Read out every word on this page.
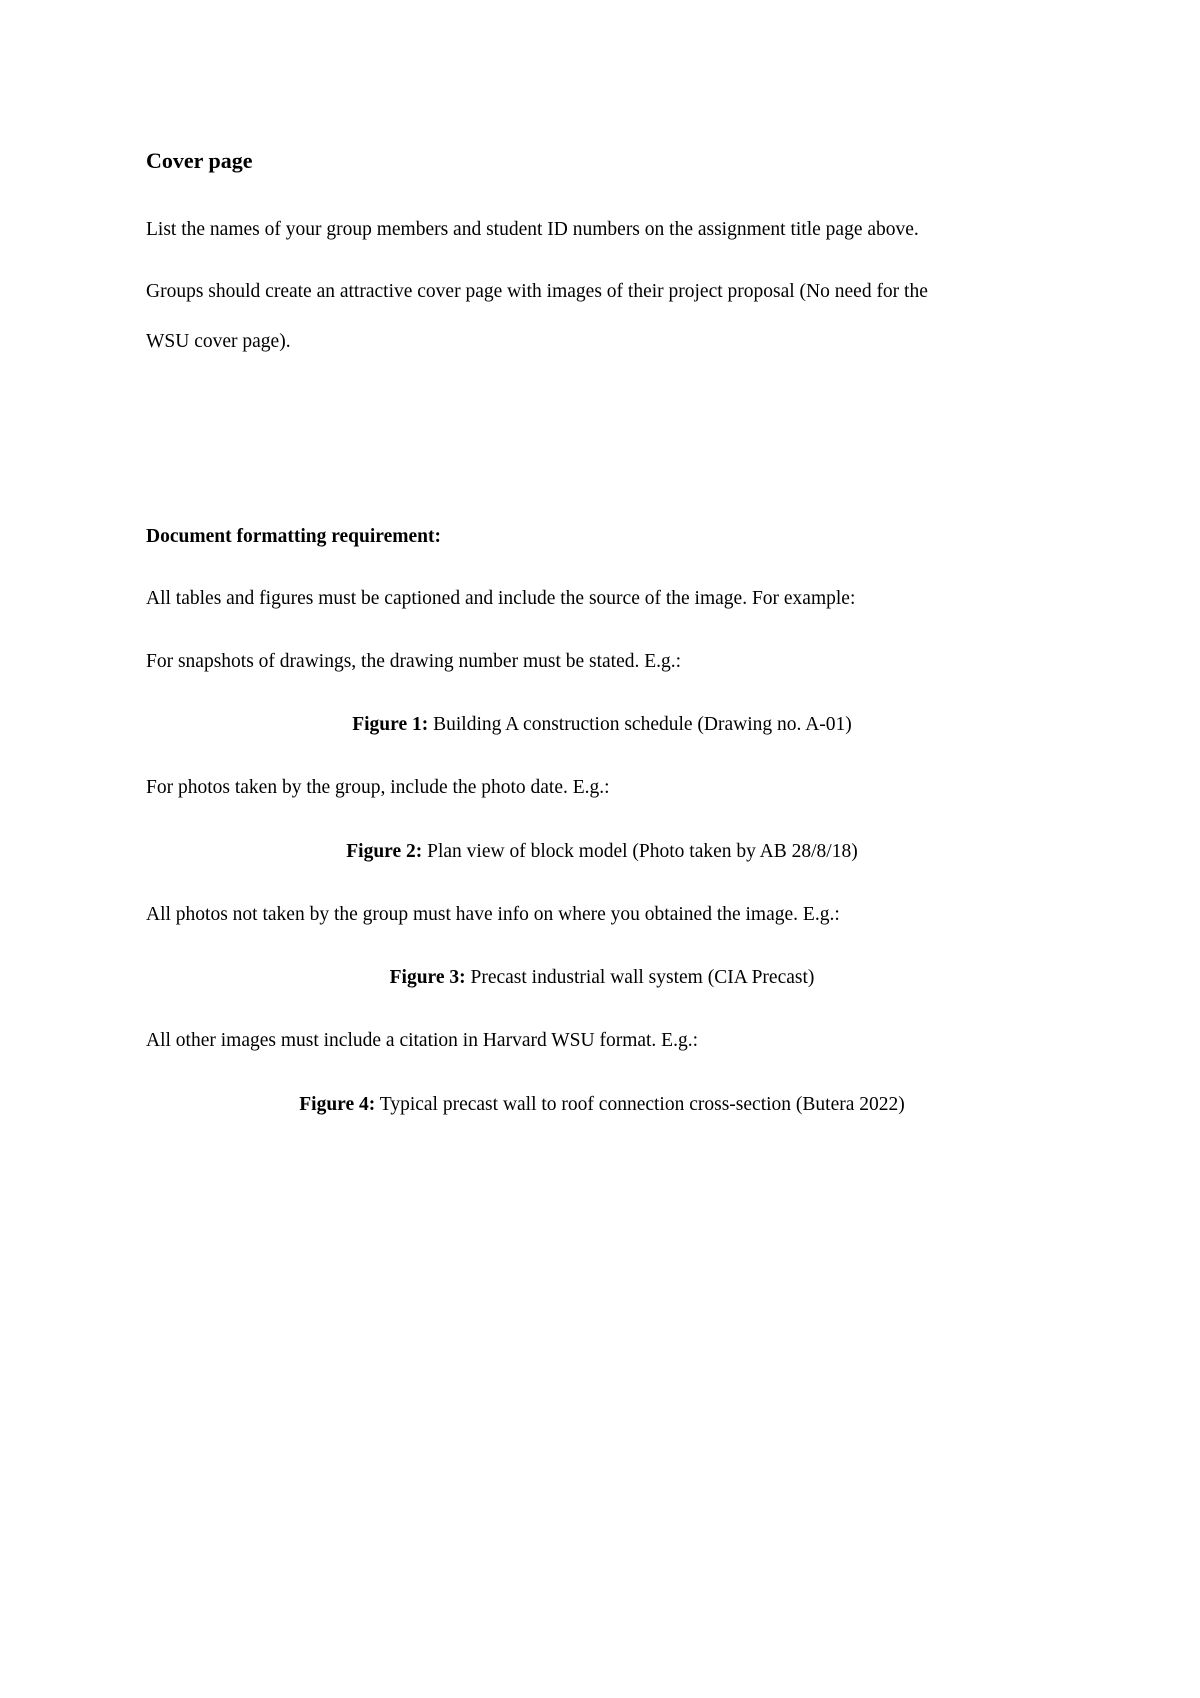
Cover page
List the names of your group members and student ID numbers on the assignment title page above.
Groups should create an attractive cover page with images of their project proposal (No need for the
WSU cover page).
Document formatting requirement:
All tables and figures must be captioned and include the source of the image. For example:
For snapshots of drawings, the drawing number must be stated. E.g.:
Figure 1: Building A construction schedule (Drawing no. A-01)
For photos taken by the group, include the photo date. E.g.:
Figure 2: Plan view of block model (Photo taken by AB 28/8/18)
All photos not taken by the group must have info on where you obtained the image. E.g.:
Figure 3: Precast industrial wall system (CIA Precast)
All other images must include a citation in Harvard WSU format. E.g.:
Figure 4: Typical precast wall to roof connection cross-section (Butera 2022)
